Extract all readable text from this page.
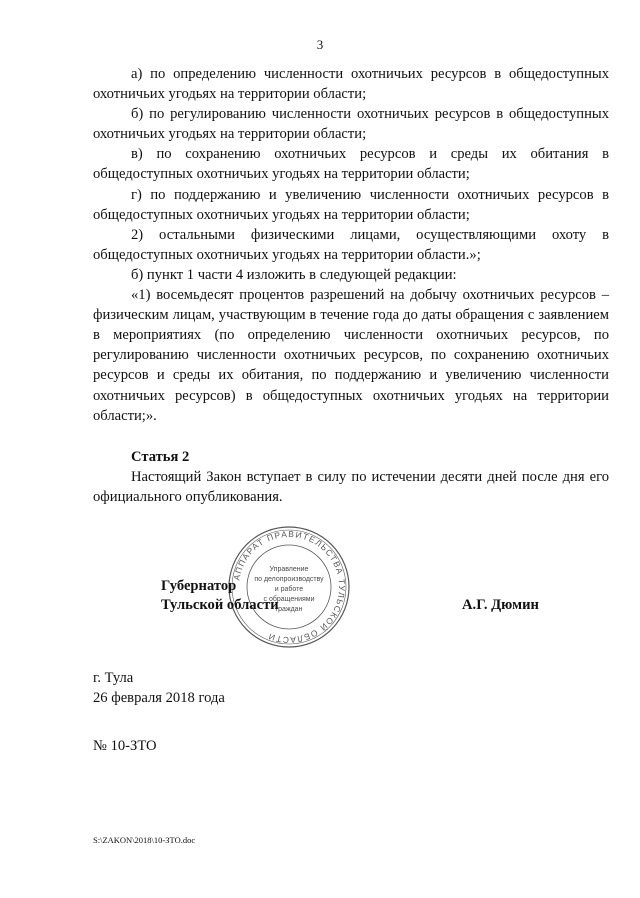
3

а) по определению численности охотничьих ресурсов в общедоступных охотничьих угодьях на территории области;

б) по регулированию численности охотничьих ресурсов в общедоступных охотничьих угодьях на территории области;

в) по сохранению охотничьих ресурсов и среды их обитания в общедоступных охотничьих угодьях на территории области;

г) по поддержанию и увеличению численности охотничьих ресурсов в общедоступных охотничьих угодьях на территории области;

2) остальными физическими лицами, осуществляющими охоту в общедоступных охотничьих угодьях на территории области.»;

б) пункт 1 части 4 изложить в следующей редакции:

«1) восемьдесят процентов разрешений на добычу охотничьих ресурсов – физическим лицам, участвующим в течение года до даты обращения с заявлением в мероприятиях (по определению численности охотничьих ресурсов, по регулированию численности охотничьих ресурсов, по сохранению охотничьих ресурсов и среды их обитания, по поддержанию и увеличению численности охотничьих ресурсов) в общедоступных охотничьих угодьях на территории области;».

Статья 2

Настоящий Закон вступает в силу по истечении десяти дней после дня его официального опубликования.

АППАРАТ ПРАВИТЕЛЬСТВА ТУЛЬСКОЙ ОБЛАСТИ
Управление
по делопроизводству
и работе
с обращениями
граждан
Губернатор
Тульской области	А.Г. Дюмин
г. Тула
26 февраля 2018 года
№ 10-ЗТО
S:\ZAKON\2018\10-ЗТО.doc
